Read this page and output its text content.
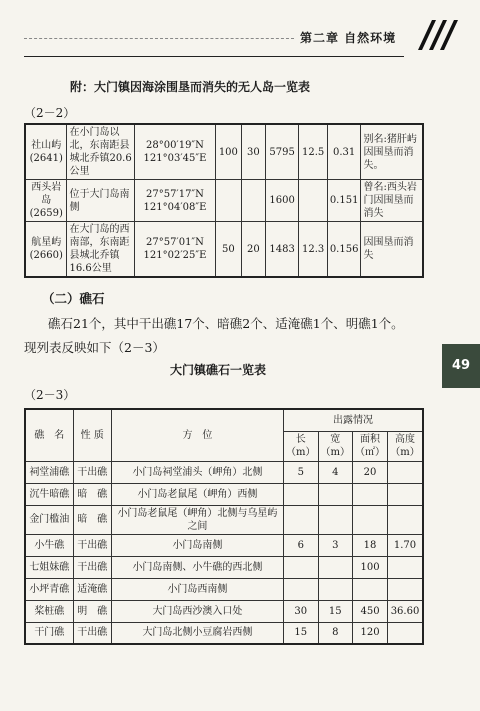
第二章 自然环境
附：大门镇因海涂围垦而消失的无人岛一览表
（2－2）
社山屿(2641)	在小门岛以北，东南距县城北乔镇20.6公里	28°00′19″N 121°03′45″E	100	30	5795	12.5	0.31	别名:猪肝屿因围垦而消失。
西头岩岛(2659)	位于大门岛南侧	27°57′17″N 121°04′08″E			1600		0.151	曾名:西头岩门因围垦而消失
航星屿(2660)	在大门岛的西南部，东南距县城北乔镇16.6公里	27°57′01″N 121°02′25″E	50	20	1483	12.3	0.156	因围垦而消失
（二）礁石
礁石21个，其中干出礁17个、暗礁2个、适淹礁1个、明礁1个。
现列表反映如下（2－3）
49
大门镇礁石一览表
（2－3）
礁　名	性 质	方　位	出露情况			
			长（m）	宽（m）	面积（㎡）	高度（m）
祠堂浦礁	干出礁	小门岛祠堂浦头（岬角）北侧	5	4	20	
沉牛暗礁	暗　礁	小门岛老鼠尾（岬角）西侧				
金门槛油	暗　礁	小门岛老鼠尾（岬角）北侧与乌星屿之间				
小牛礁	干出礁	小门岛南侧	6	3	18	1.70
七姐妹礁	干出礁	小门岛南侧、小牛礁的西北侧			100	
小坪青礁	适淹礁	小门岛西南侧				
桨桩礁	明　礁	大门岛西沙澳入口处	30	15	450	36.60
干门礁	干出礁	大门岛北侧小豆腐岩西侧	15	8	120	
